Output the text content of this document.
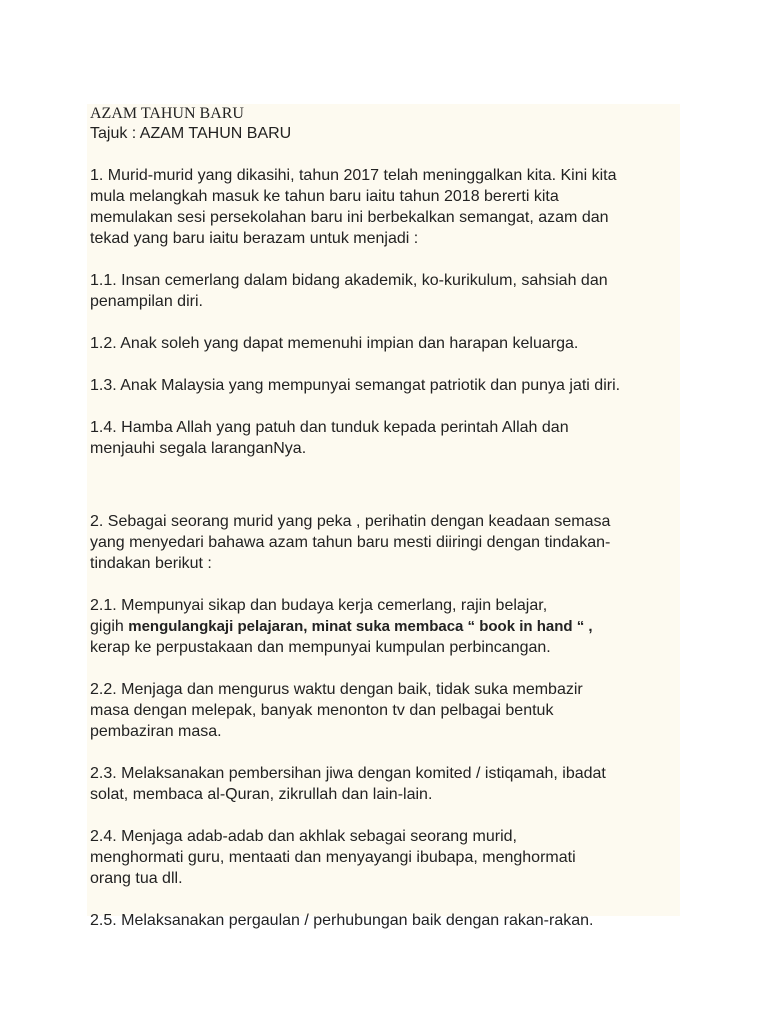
AZAM TAHUN BARU

Tajuk : AZAM TAHUN BARU

1. Murid-murid yang dikasihi, tahun 2017 telah meninggalkan kita. Kini kita

mula melangkah masuk ke tahun baru iaitu tahun 2018 bererti kita

memulakan sesi persekolahan baru ini berbekalkan semangat, azam dan

tekad yang baru iaitu berazam untuk menjadi :

1.1. Insan cemerlang dalam bidang akademik, ko-kurikulum, sahsiah dan

penampilan diri.

1.2. Anak soleh yang dapat memenuhi impian dan harapan keluarga.

1.3. Anak Malaysia yang mempunyai semangat patriotik dan punya jati diri.

1.4. Hamba Allah yang patuh dan tunduk kepada perintah Allah dan

menjauhi segala laranganNya.

2. Sebagai seorang murid yang peka , perihatin dengan keadaan semasa

yang menyedari bahawa azam tahun baru mesti diiringi dengan tindakan-

tindakan berikut :

2.1. Mempunyai sikap dan budaya kerja cemerlang, rajin belajar,

gigih mengulangkaji pelajaran, minat suka membaca “ book in hand “ ,

kerap ke perpustakaan dan mempunyai kumpulan perbincangan.

2.2. Menjaga dan mengurus waktu dengan baik, tidak suka membazir

masa dengan melepak, banyak menonton tv dan pelbagai bentuk

pembaziran masa.

2.3. Melaksanakan pembersihan jiwa dengan komited / istiqamah, ibadat

solat, membaca al-Quran, zikrullah dan lain-lain.

2.4. Menjaga adab-adab dan akhlak sebagai seorang murid,

menghormati guru, mentaati dan menyayangi ibubapa, menghormati

orang tua dll.

2.5. Melaksanakan pergaulan / perhubungan baik dengan rakan-rakan.
